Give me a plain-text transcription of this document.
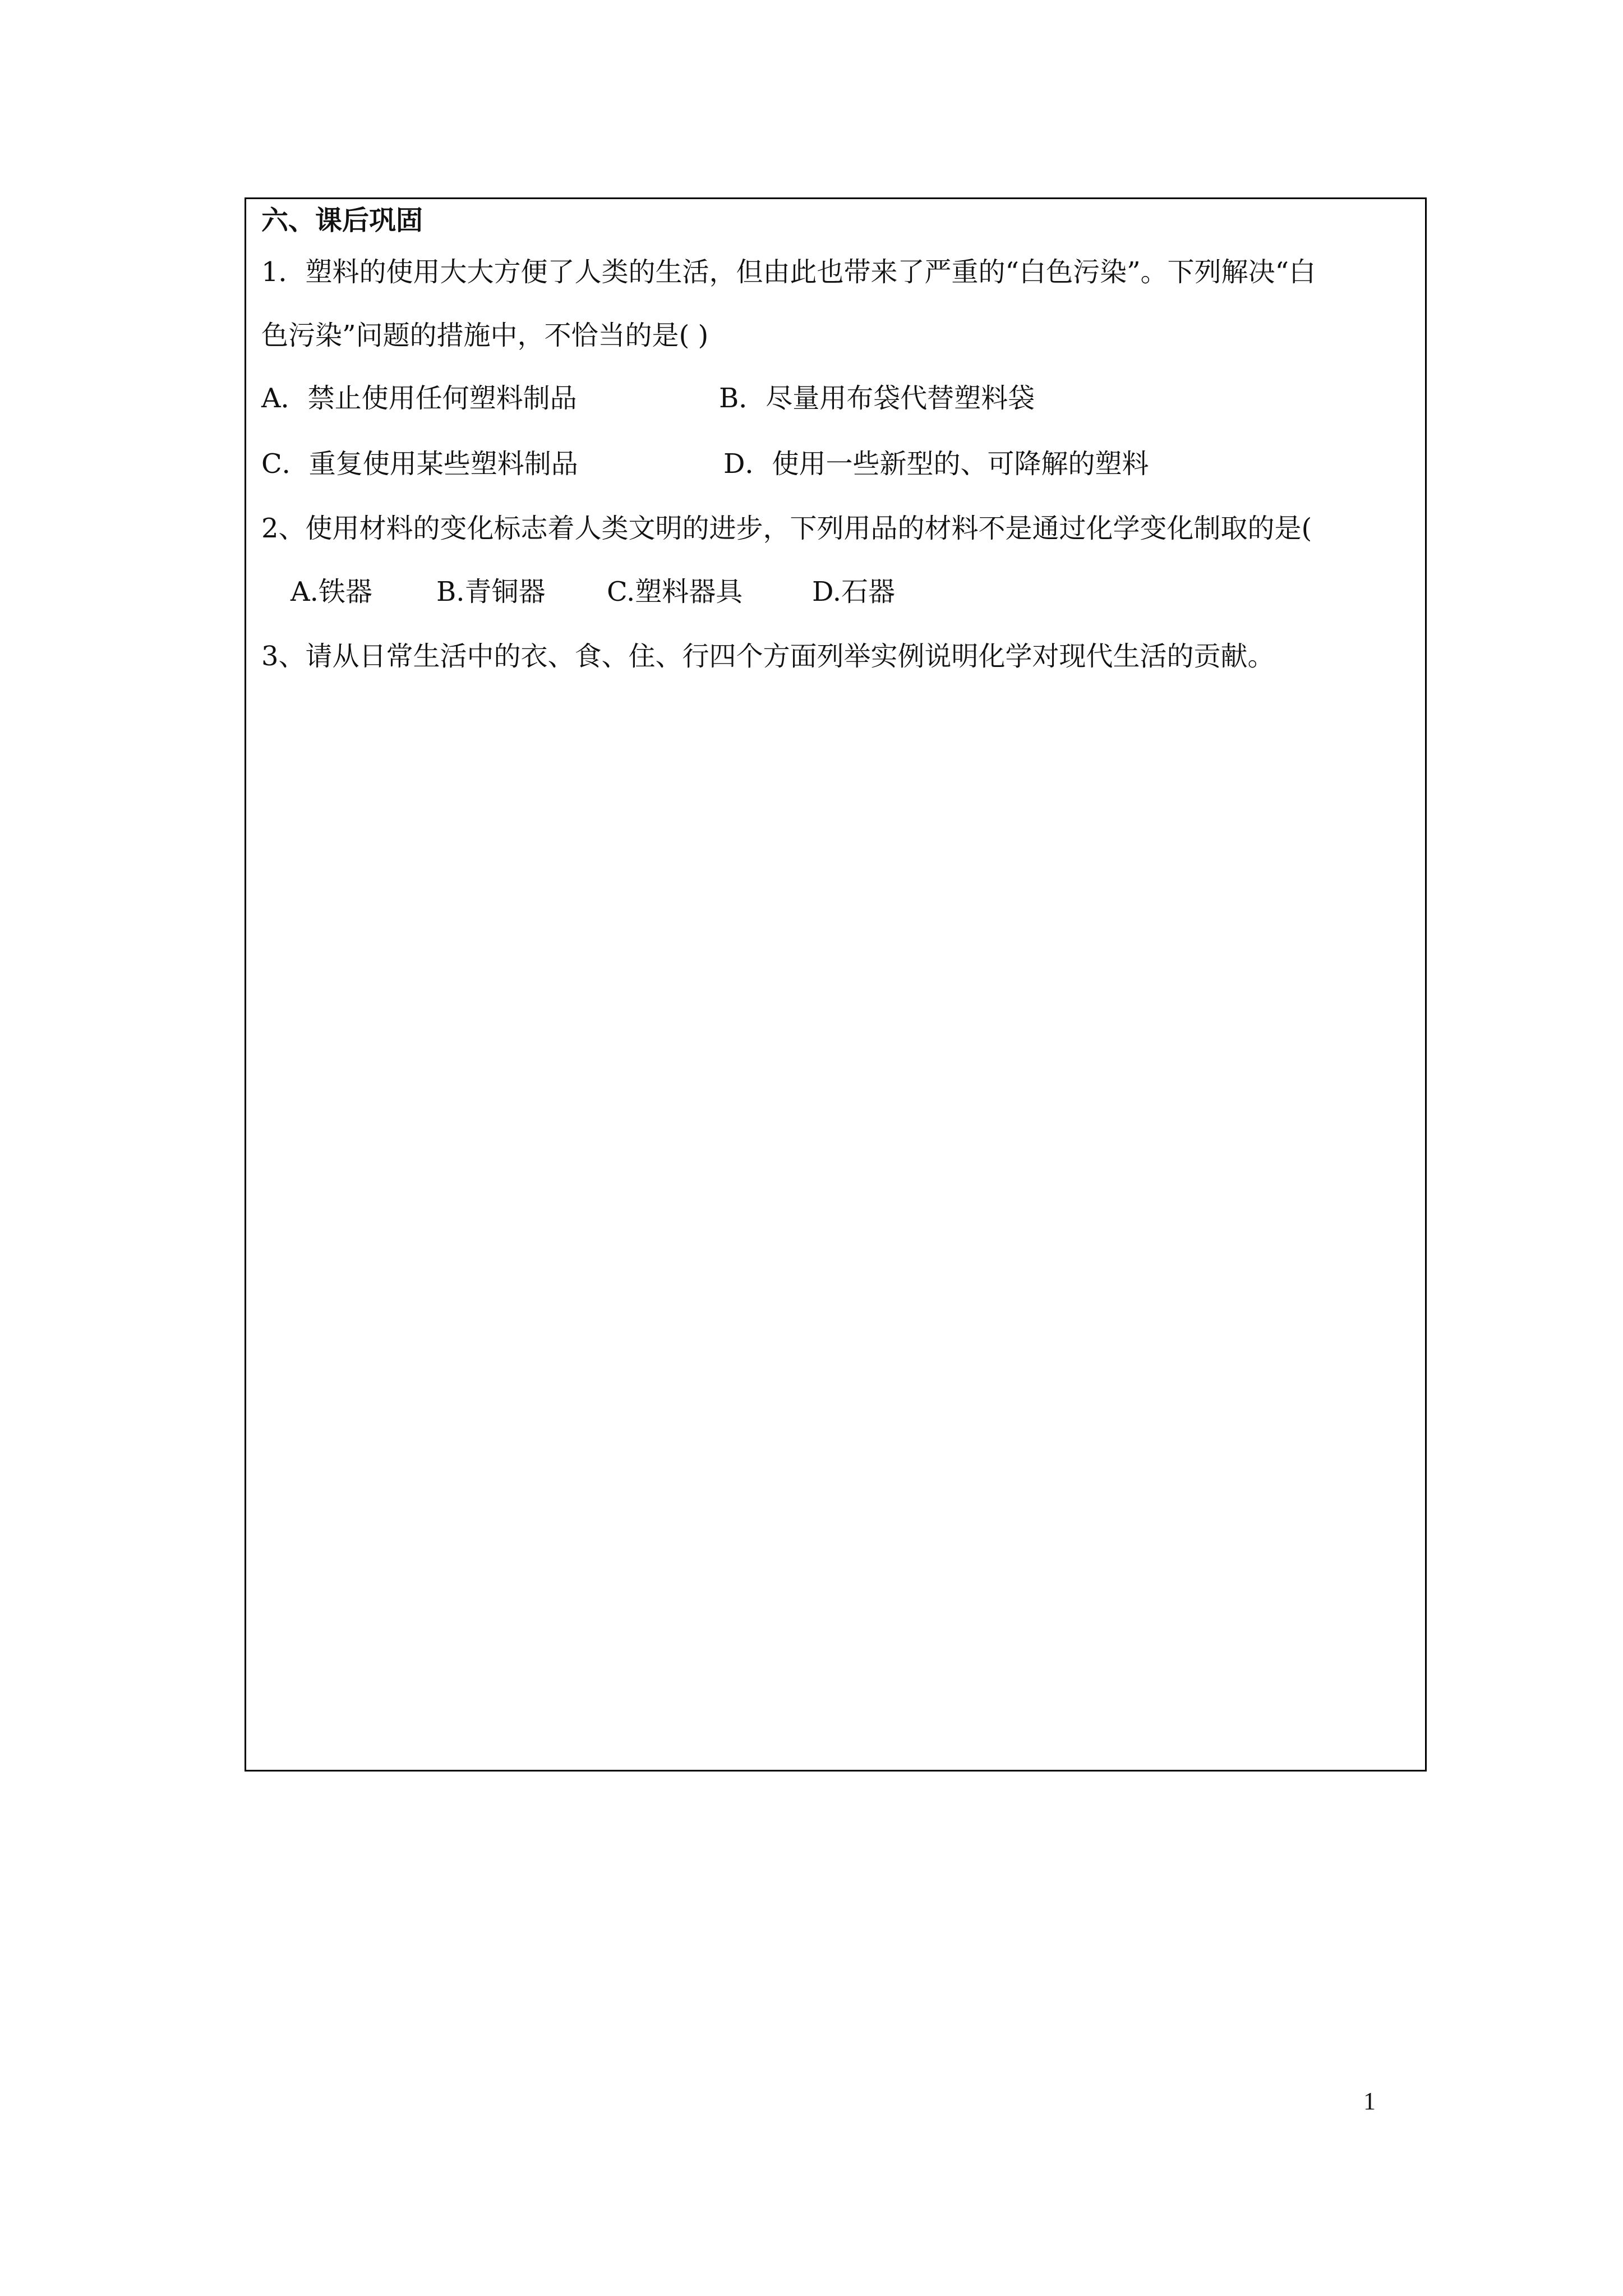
六、课后巩固
1．塑料的使用大大方便了人类的生活，但由此也带来了严重的“白色污染”。下列解决“白
色污染”问题的措施中，不恰当的是( )
A．禁止使用任何塑料制品	B．尽量用布袋代替塑料袋
C．重复使用某些塑料制品	D．使用一些新型的、可降解的塑料
2、使用材料的变化标志着人类文明的进步，下列用品的材料不是通过化学变化制取的是(
A.铁器 B.青铜器 C.塑料器具	D.石器
3、请从日常生活中的衣、食、住、行四个方面列举实例说明化学对现代生活的贡献。
1
